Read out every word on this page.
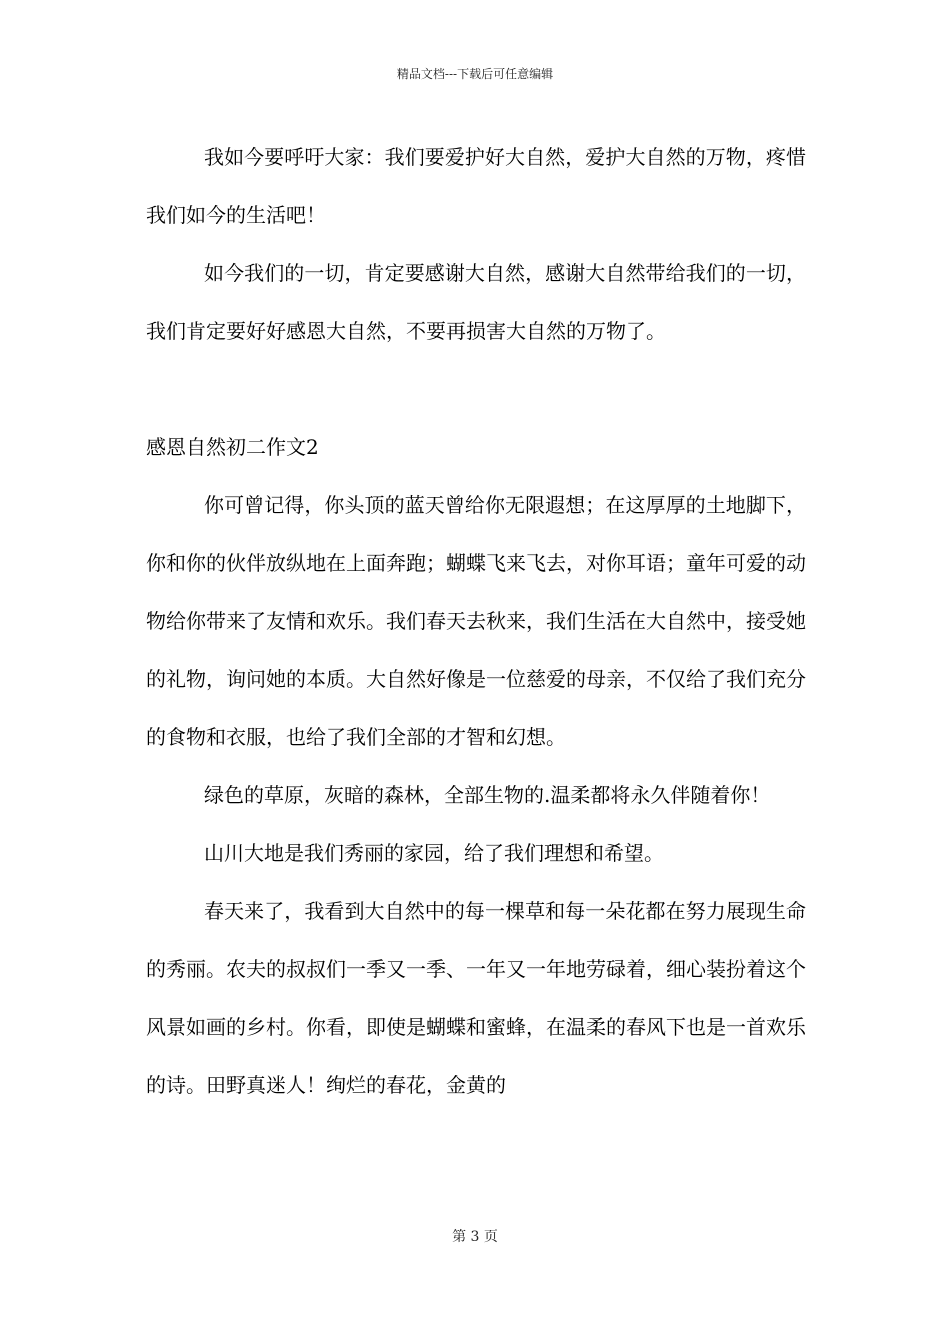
精品文档---下载后可任意编辑

我如今要呼吁大家：我们要爱护好大自然，爱护大自然的万物，疼惜我们如今的生活吧！

如今我们的一切，肯定要感谢大自然，感谢大自然带给我们的一切，我们肯定要好好感恩大自然，不要再损害大自然的万物了。

感恩自然初二作文2

你可曾记得，你头顶的蓝天曾给你无限遐想；在这厚厚的土地脚下，你和你的伙伴放纵地在上面奔跑；蝴蝶飞来飞去，对你耳语；童年可爱的动物给你带来了友情和欢乐。我们春天去秋来，我们生活在大自然中，接受她的礼物，询问她的本质。大自然好像是一位慈爱的母亲，不仅给了我们充分的食物和衣服，也给了我们全部的才智和幻想。

绿色的草原，灰暗的森林，全部生物的.温柔都将永久伴随着你！

山川大地是我们秀丽的家园，给了我们理想和希望。

春天来了，我看到大自然中的每一棵草和每一朵花都在努力展现生命的秀丽。农夫的叔叔们一季又一季、一年又一年地劳碌着，细心装扮着这个风景如画的乡村。你看，即使是蝴蝶和蜜蜂，在温柔的春风下也是一首欢乐的诗。田野真迷人！绚烂的春花，金黄的

第 3 页
